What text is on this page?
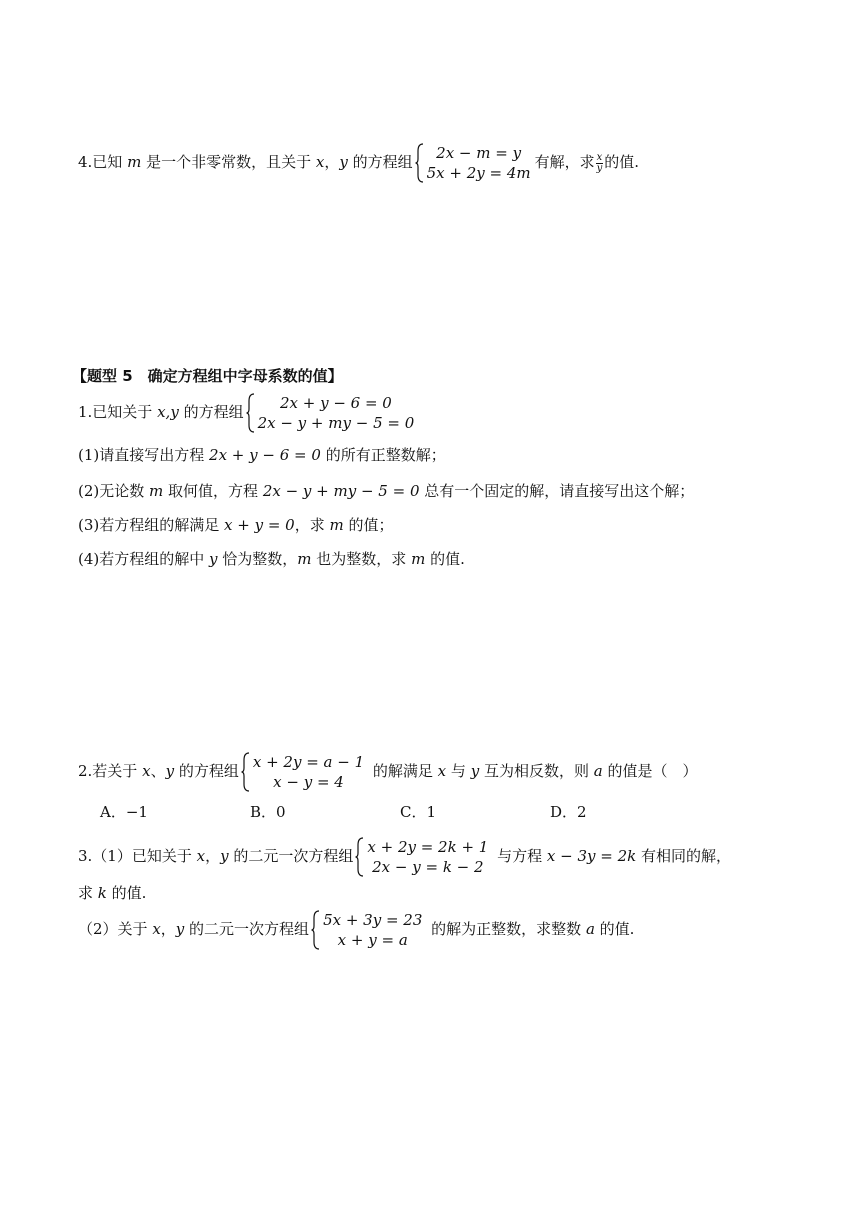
4.已知 m 是一个非零常数，且关于 x，y 的方程组	2x − m = y
5x + 2y = 4m
有解，求 $\frac{x}{y}$ 的值.
【题型 5　确定方程组中字母系数的值】
1.已知关于 x,y 的方程组	2x + y − 6 = 0
2x − y + my − 5 = 0
(1)请直接写出方程 2x + y − 6 = 0 的所有正整数解；
(2)无论数 m 取何值，方程 2x − y + my − 5 = 0 总有一个固定的解，请直接写出这个解；
(3)若方程组的解满足 x + y = 0，求 m 的值；
(4)若方程组的解中 y 恰为整数，m 也为整数，求 m 的值.
2.若关于 x、y 的方程组 x + 2y = a − 1
x − y = 4
的解满足 x 与 y 互为相反数，则 a 的值是（　）
A．−1	B．0	C．1	D．2
3.（1）已知关于 x，y 的二元一次方程组 x + 2y = 2k + 1
2x − y = k − 2
与方程 x − 3y = 2k 有相同的解，
求 k 的值.
（2）关于 x，y 的二元一次方程组 5x + 3y = 23
x + y = a
的解为正整数，求整数 a 的值.
